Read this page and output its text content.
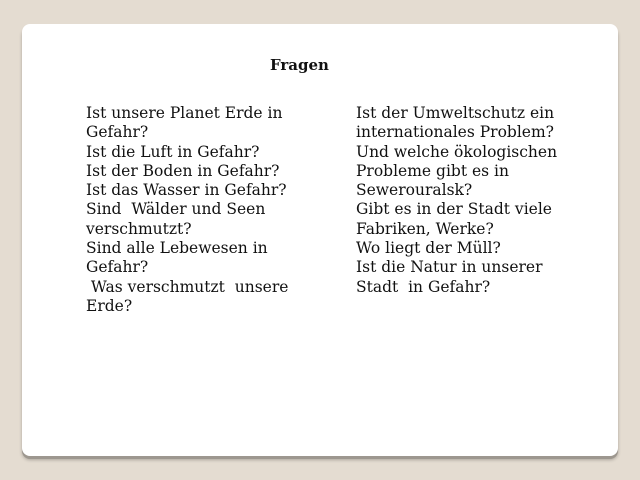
Fragen
Ist unsere Planet Erde in
Gefahr?
Ist die Luft in Gefahr?
Ist der Boden in Gefahr?
Ist das Wasser in Gefahr?
Sind  Wälder und Seen
verschmutzt?
Sind alle Lebewesen in
Gefahr?
Was verschmutzt  unsere
Erde?
Ist der Umweltschutz ein
internationales Problem?
Und welche ökologischen
Probleme gibt es in
Sewerouralsk?
Gibt es in der Stadt viele
Fabriken, Werke?
Wo liegt der Müll?
Ist die Natur in unserer
Stadt  in Gefahr?
